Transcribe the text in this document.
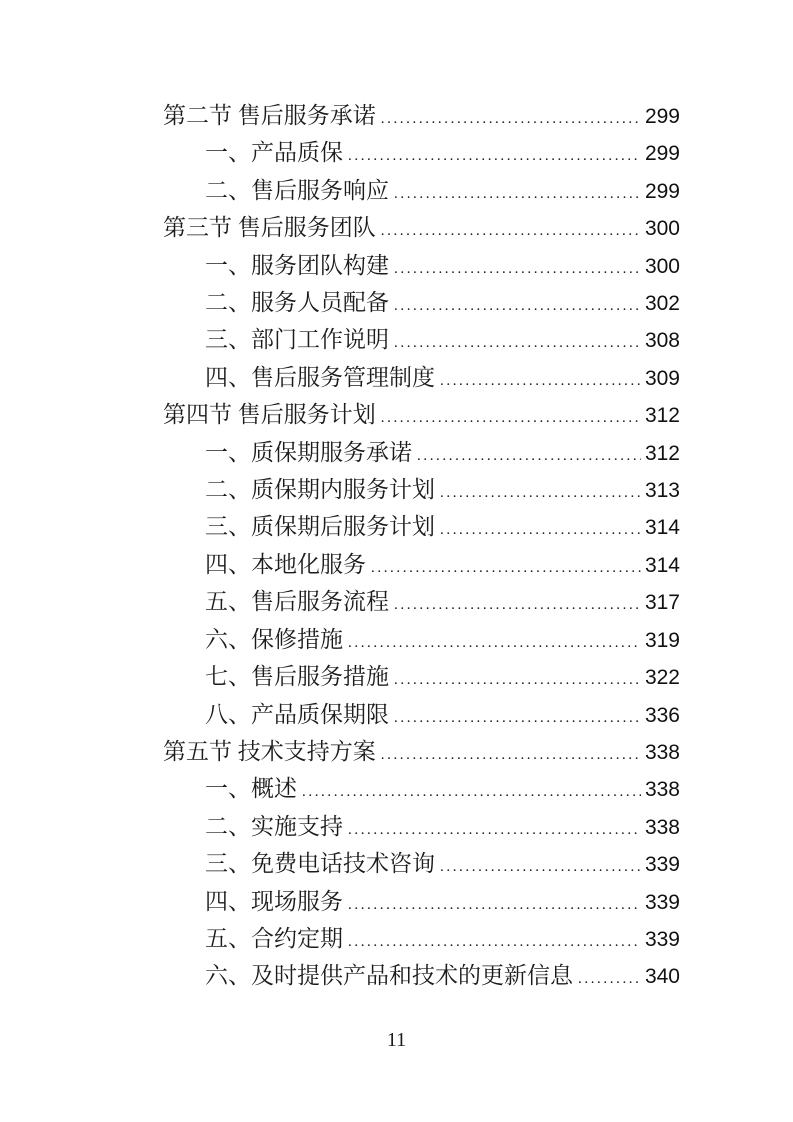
第二节 售后服务承诺 .....	299
一、产品质保 .....	299
二、售后服务响应 .....	299
第三节 售后服务团队 .....	300
一、服务团队构建 .....	300
二、服务人员配备 .....	302
三、部门工作说明 .....	308
四、售后服务管理制度 .....	309
第四节 售后服务计划 .....	312
一、质保期服务承诺 .....	312
二、质保期内服务计划 .....	313
三、质保期后服务计划 .....	314
四、本地化服务 .....	314
五、售后服务流程 .....	317
六、保修措施 .....	319
七、售后服务措施 .....	322
八、产品质保期限 .....	336
第五节 技术支持方案 .....	338
一、概述 .....	338
二、实施支持 .....	338
三、免费电话技术咨询 .....	339
四、现场服务 .....	339
五、合约定期 .....	339
六、及时提供产品和技术的更新信息 .....	340
11
